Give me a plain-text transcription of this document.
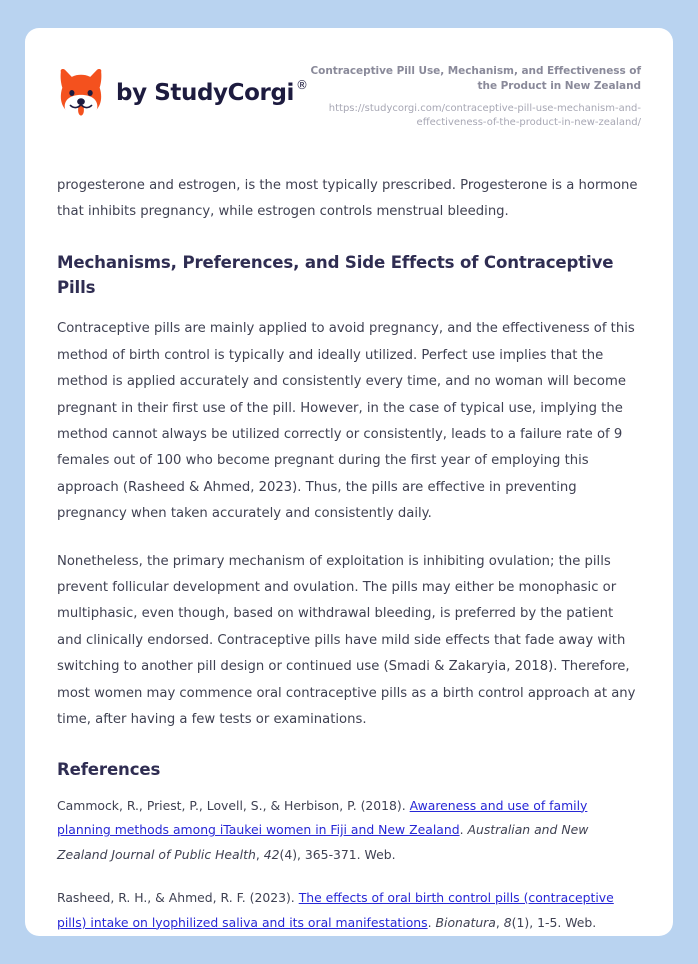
by StudyCorgi ®
Contraceptive Pill Use, Mechanism, and Effectiveness of the Product in New Zealand
https://studycorgi.com/contraceptive-pill-use-mechanism-and-effectiveness-of-the-product-in-new-zealand/

progesterone and estrogen, is the most typically prescribed. Progesterone is a hormone that inhibits pregnancy, while estrogen controls menstrual bleeding.

Mechanisms, Preferences, and Side Effects of Contraceptive Pills

Contraceptive pills are mainly applied to avoid pregnancy, and the effectiveness of this method of birth control is typically and ideally utilized. Perfect use implies that the method is applied accurately and consistently every time, and no woman will become pregnant in their first use of the pill. However, in the case of typical use, implying the method cannot always be utilized correctly or consistently, leads to a failure rate of 9 females out of 100 who become pregnant during the first year of employing this approach (Rasheed & Ahmed, 2023). Thus, the pills are effective in preventing pregnancy when taken accurately and consistently daily.

Nonetheless, the primary mechanism of exploitation is inhibiting ovulation; the pills prevent follicular development and ovulation. The pills may either be monophasic or multiphasic, even though, based on withdrawal bleeding, is preferred by the patient and clinically endorsed. Contraceptive pills have mild side effects that fade away with switching to another pill design or continued use (Smadi & Zakaryia, 2018). Therefore, most women may commence oral contraceptive pills as a birth control approach at any time, after having a few tests or examinations.

References
Cammock, R., Priest, P., Lovell, S., & Herbison, P. (2018). Awareness and use of family planning methods among iTaukei women in Fiji and New Zealand. Australian and New Zealand Journal of Public Health, 42(4), 365-371. Web.
Rasheed, R. H., & Ahmed, R. F. (2023). The effects of oral birth control pills (contraceptive pills) intake on lyophilized saliva and its oral manifestations. Bionatura, 8(1), 1-5. Web.
